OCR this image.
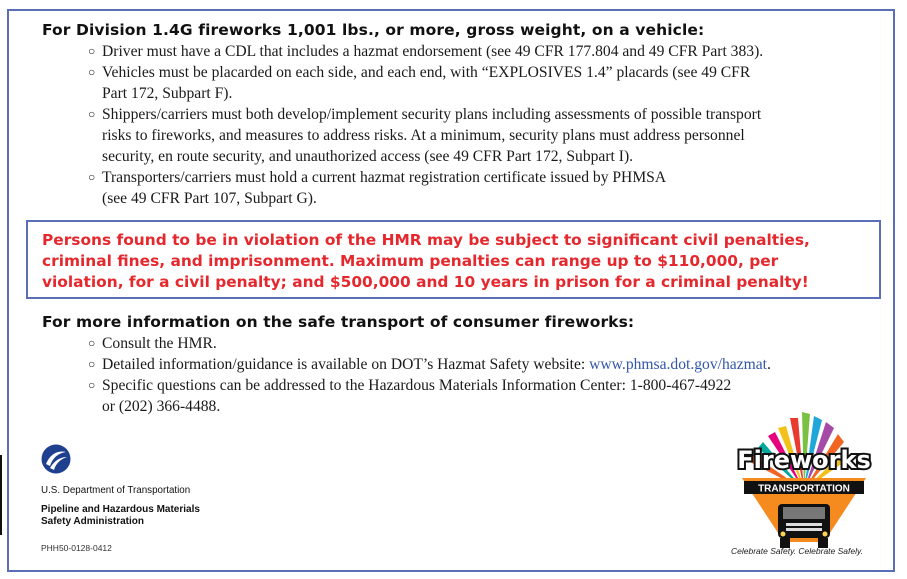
For Division 1.4G fireworks 1,001 lbs., or more, gross weight, on a vehicle:
○ Driver must have a CDL that includes a hazmat endorsement (see 49 CFR 177.804 and 49 CFR Part 383).
○ Vehicles must be placarded on each side, and each end, with “EXPLOSIVES 1.4” placards (see 49 CFR
Part 172, Subpart F).
○ Shippers/carriers must both develop/implement security plans including assessments of possible transport
risks to fireworks, and measures to address risks. At a minimum, security plans must address personnel
security, en route security, and unauthorized access (see 49 CFR Part 172, Subpart I).
○ Transporters/carriers must hold a current hazmat registration certificate issued by PHMSA
(see 49 CFR Part 107, Subpart G).
Persons found to be in violation of the HMR may be subject to significant civil penalties,
criminal fines, and imprisonment. Maximum penalties can range up to $110,000, per
violation, for a civil penalty; and $500,000 and 10 years in prison for a criminal penalty!
For more information on the safe transport of consumer fireworks:
○ Consult the HMR.
○ Detailed information/guidance is available on DOT’s Hazmat Safety website: www.phmsa.dot.gov/hazmat.
○ Specific questions can be addressed to the Hazardous Materials Information Center: 1-800-467-4922
or (202) 366-4488.
U.S. Department of Transportation
Pipeline and Hazardous Materials
Safety Administration
PHH50-0128-0412
Fireworks
TRANSPORTATION
Celebrate Safety. Celebrate Safely.
